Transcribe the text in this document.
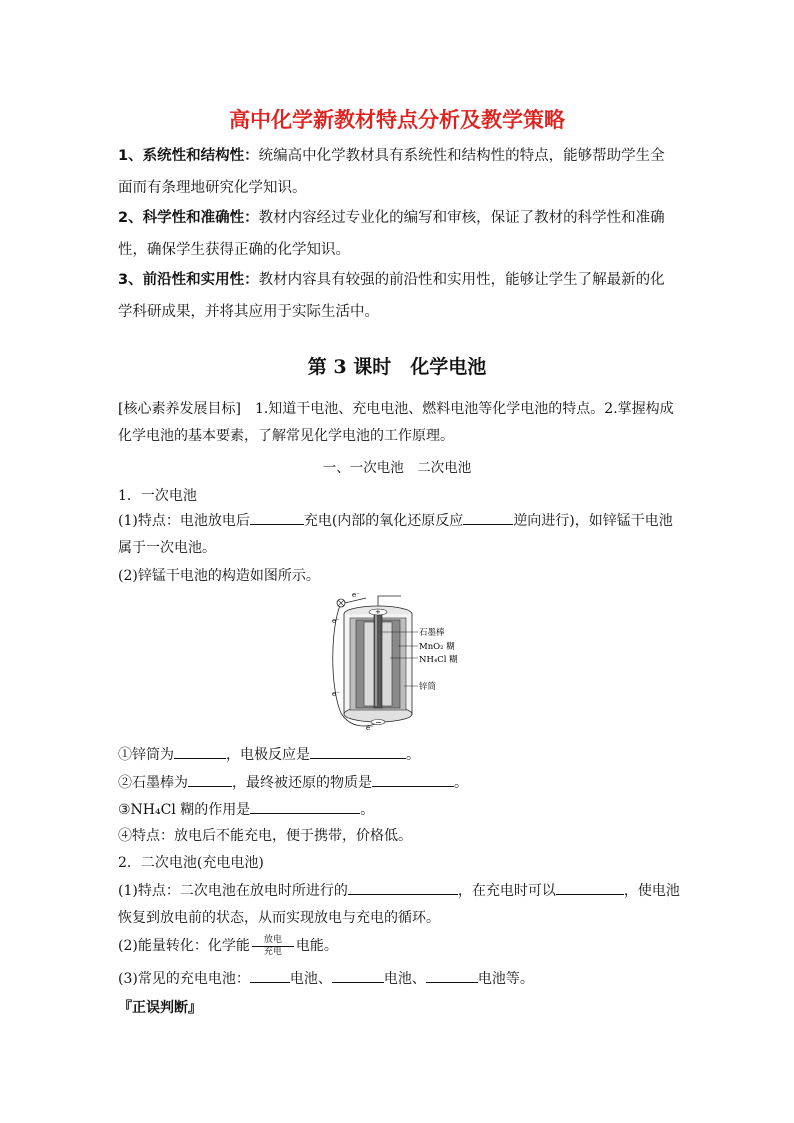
高中化学新教材特点分析及教学策略
1、系统性和结构性：统编高中化学教材具有系统性和结构性的特点，能够帮助学生全面而有条理地研究化学知识。
2、科学性和准确性：教材内容经过专业化的编写和审核，保证了教材的科学性和准确性，确保学生获得正确的化学知识。
3、前沿性和实用性：教材内容具有较强的前沿性和实用性，能够让学生了解最新的化学科研成果，并将其应用于实际生活中。
第 3 课时　化学电池
[核心素养发展目标]　 1.知道干电池、充电电池、燃料电池等化学电池的特点。2.掌握构成化学电池的基本要素，了解常见化学电池的工作原理。
一、一次电池　二次电池
1．一次电池
(1)特点：电池放电后	充电(内部的氧化还原反应	逆向进行)，如锌锰干电池
属于一次电池。
(2)锌锰干电池的构造如图所示。
e⁻
e⁻
e⁻
e⁻
+
−
石墨棒
MnO₂ 糊
NH₄Cl 糊
锌筒
①锌筒为	，电极反应是	。
②石墨棒为	，最终被还原的物质是	。
③NH₄Cl 糊的作用是	。
④特点：放电后不能充电，便于携带，价格低。
2．二次电池(充电电池)
(1)特点：二次电池在放电时所进行的	，在充电时可以	，使电池
恢复到放电前的状态，从而实现放电与充电的循环。
(2)能量转化：化学能	放电
充电	电能。
(3)常见的充电电池：	电池、	电池、	电池等。
『正误判断』
